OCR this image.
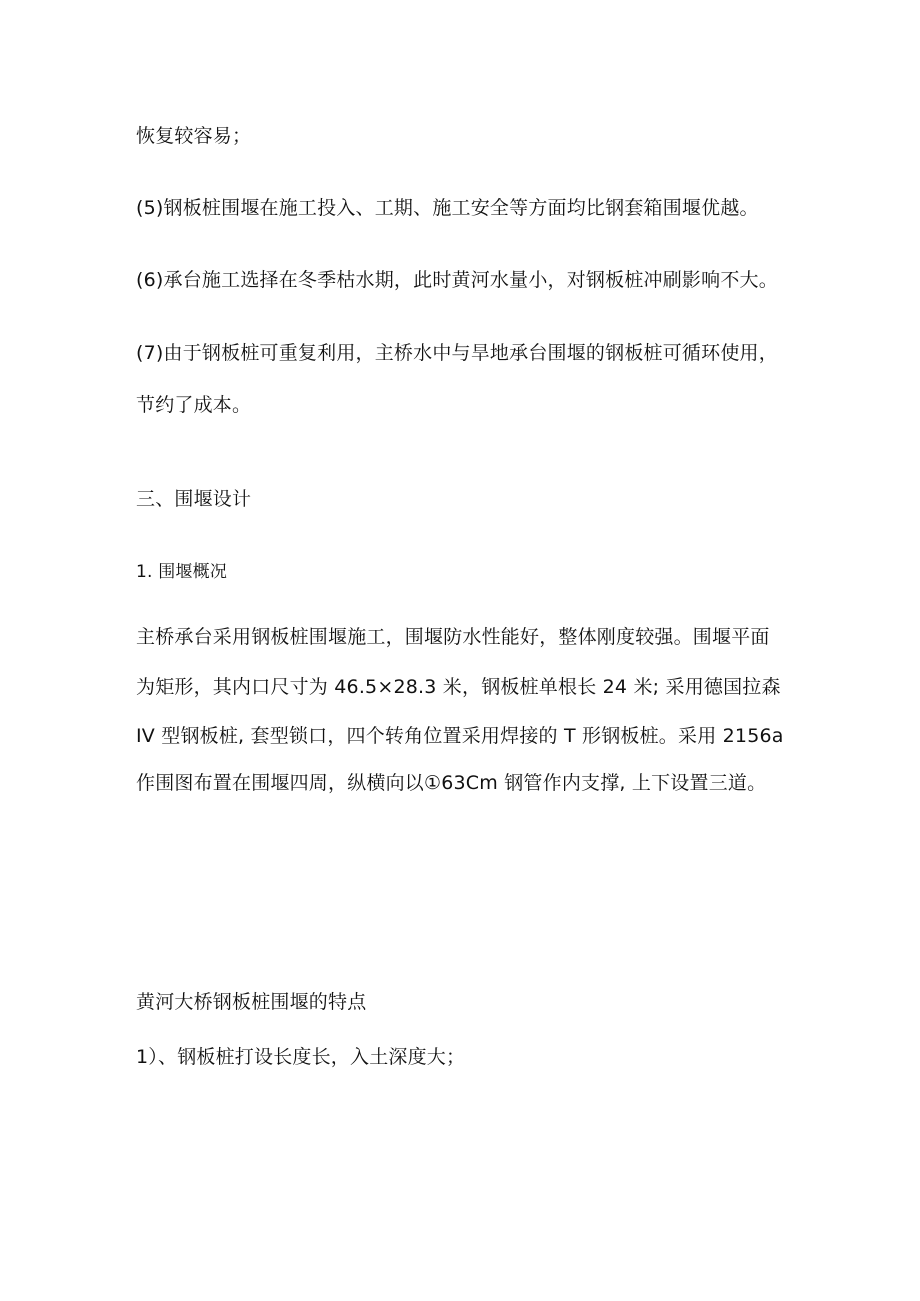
恢复较容易；

(5)钢板桩围堰在施工投入、工期、施工安全等方面均比钢套箱围堰优越。

(6)承台施工选择在冬季枯水期，此时黄河水量小，对钢板桩冲刷影响不大。

(7)由于钢板桩可重复利用，主桥水中与旱地承台围堰的钢板桩可循环使用，

节约了成本。

三、围堰设计

1. 围堰概况

主桥承台采用钢板桩围堰施工，围堰防水性能好，整体刚度较强。围堰平面

为矩形，其内口尺寸为 46.5×28.3 米，钢板桩单根长 24 米; 采用德国拉森

IV 型钢板桩, 套型锁口，四个转角位置采用焊接的 T 形钢板桩。采用 2156a

作围图布置在围堰四周，纵横向以①63Cm 钢管作内支撑, 上下设置三道。

黄河大桥钢板桩围堰的特点

1）、钢板桩打设长度长，入土深度大；
